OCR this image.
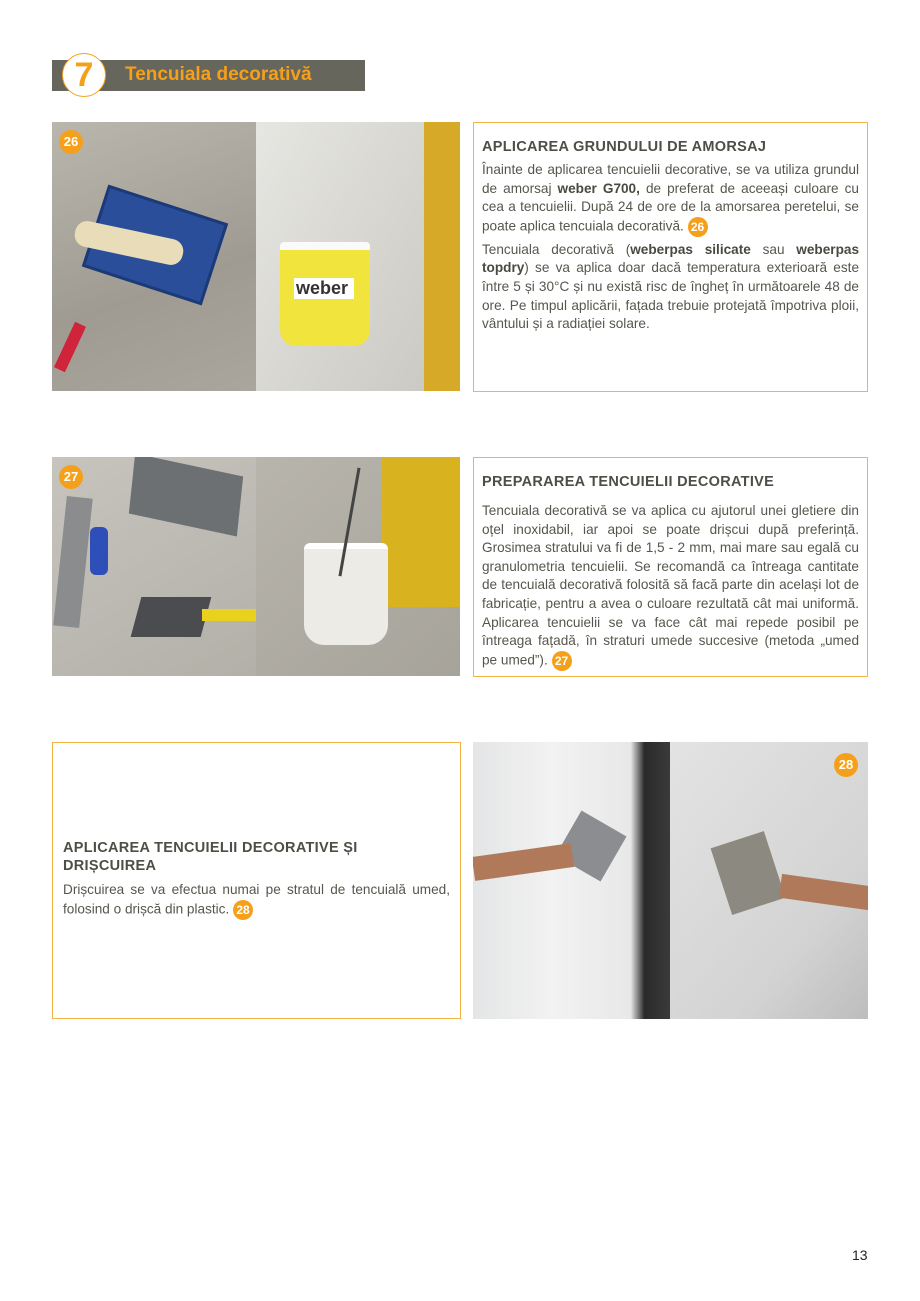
7	Tencuiala decorativă
weber
26	APLICAREA GRUNDULUI DE AMORSAJ

Înainte de aplicarea tencuielii decorative, se va utiliza grundul de amorsaj weber G700, de preferat de aceeași culoare cu cea a tencuielii. După 24 de ore de la amorsarea peretelui, se poate aplica tencuiala decorativă. 26

Tencuiala decorativă (weberpas silicate sau weberpas topdry) se va aplica doar dacă temperatura exterioară este între 5 și 30°C și nu există risc de îngheț în următoarele 48 de ore. Pe timpul aplicării, fațada trebuie protejată împotriva ploii, vântului și a radiației solare.

27	PREPARAREA TENCUIELII DECORATIVE

Tencuiala decorativă se va aplica cu ajutorul unei gletiere din oțel inoxidabil, iar apoi se poate drișcui după preferință. Grosimea stratului va fi de 1,5 - 2 mm, mai mare sau egală cu granulometria tencuielii. Se recomandă ca întreaga cantitate de tencuială decorativă folosită să facă parte din același lot de fabricație, pentru a avea o culoare rezultată cât mai uniformă. Aplicarea tencuielii se va face cât mai repede posibil pe întreaga fațadă, în straturi umede succesive (metoda „umed pe umed”). 27

APLICAREA TENCUIELII DECORATIVE ȘI DRIȘCUIREA

Drișcuirea se va efectua numai pe stratul de tencuială umed, folosind o drișcă din plastic. 28

28
13
